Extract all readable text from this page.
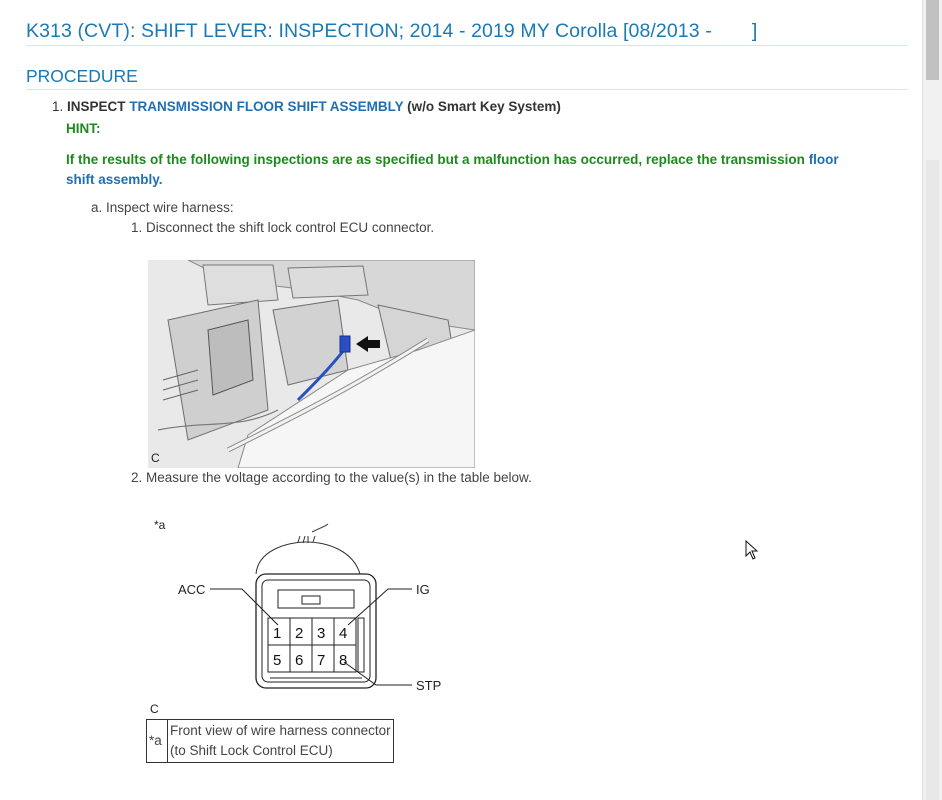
K313 (CVT): SHIFT LEVER: INSPECTION; 2014 - 2019 MY Corolla [08/2013 - ]
PROCEDURE
1. INSPECT TRANSMISSION FLOOR SHIFT ASSEMBLY (w/o Smart Key System)
HINT:
If the results of the following inspections are as specified but a malfunction has occurred, replace the transmission floor shift assembly.
a. Inspect wire harness:
1. Disconnect the shift lock control ECU connector.
C
2. Measure the voltage according to the value(s) in the table below.
*a
1 2 3 4
5 6 7 8
ACC	IG
STP
C
*a	
Front view of wire harness connector
(to Shift Lock Control ECU)
